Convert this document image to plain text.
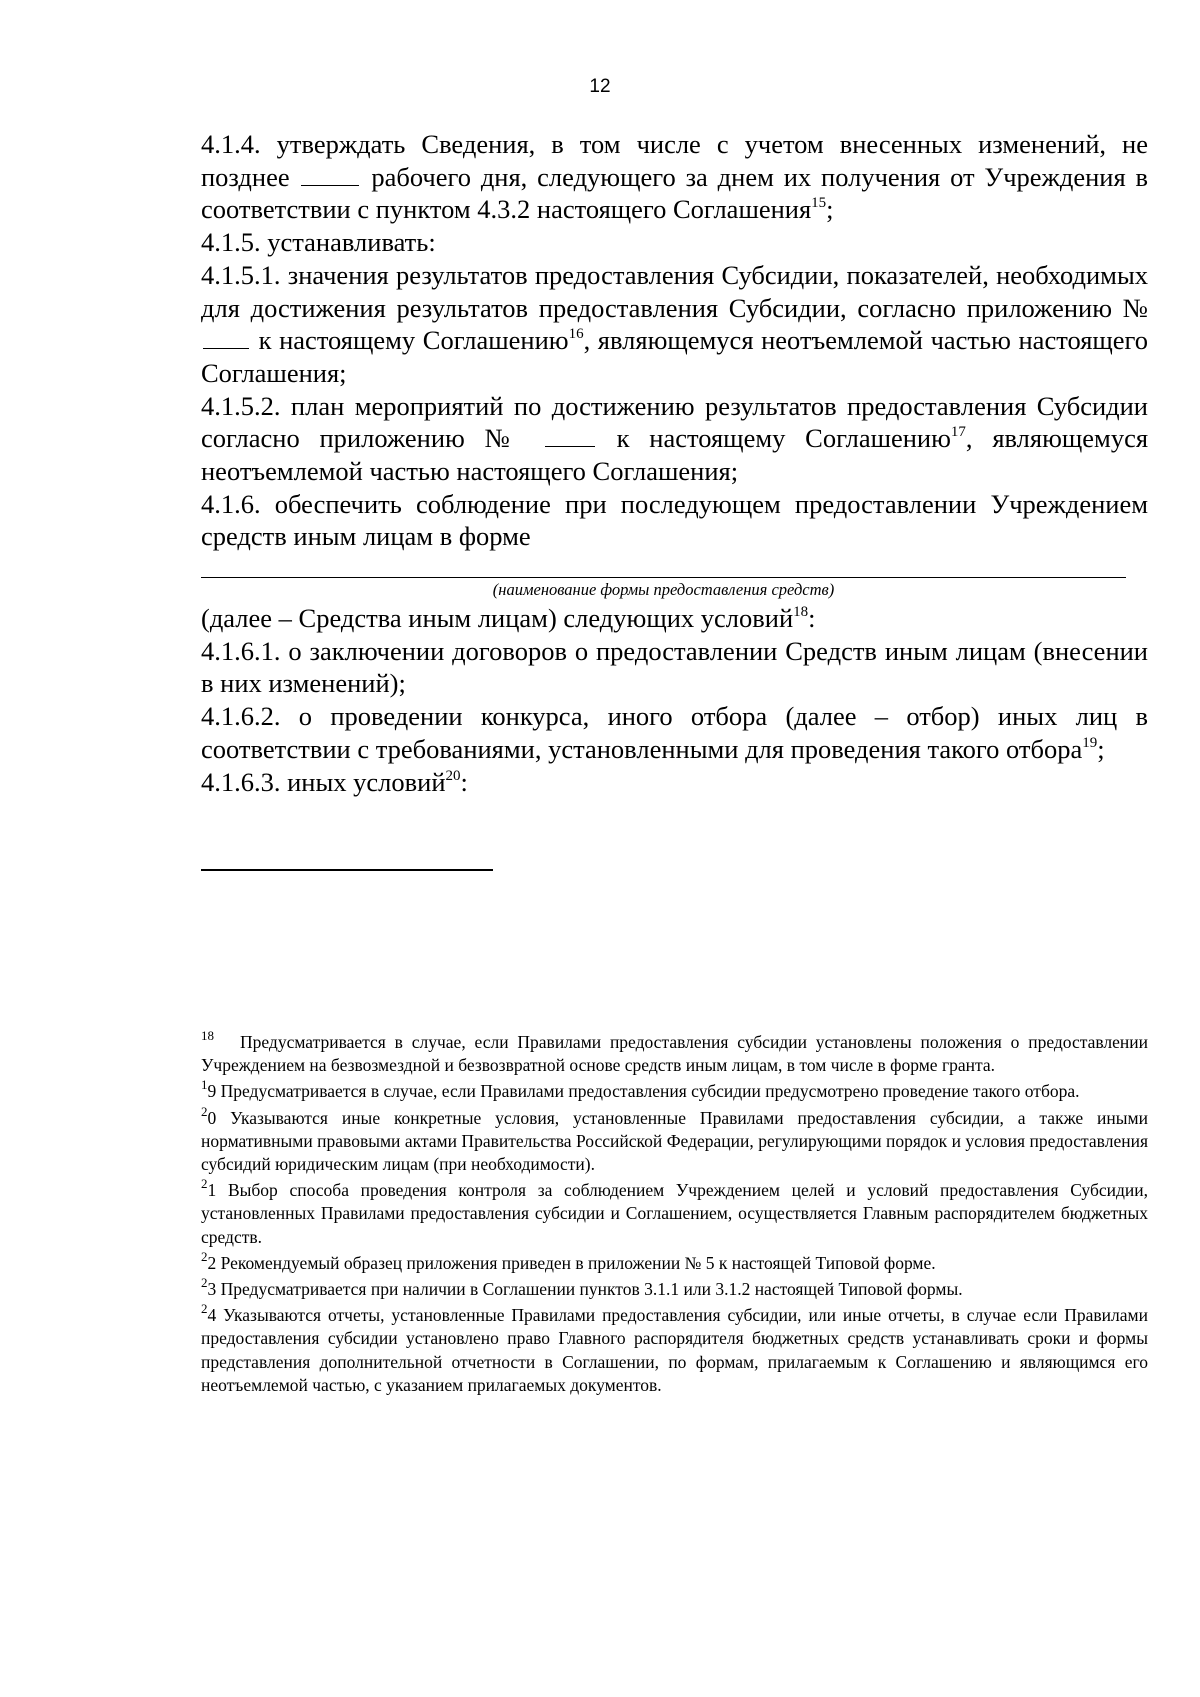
12

4.1.4. утверждать Сведения, в том числе с учетом внесенных изменений, не позднее	рабочего дня, следующего за днем их получения от Учреждения в соответствии с пунктом 4.3.2 настоящего Соглашения$^{15}$;

4.1.5. устанавливать:

4.1.5.1. значения результатов предоставления Субсидии, показателей, необходимых для достижения результатов предоставления Субсидии, согласно приложению №  к настоящему Соглашению$^{16}$, являющемуся неотъемлемой частью настоящего Соглашения;

4.1.5.2. план мероприятий по достижению результатов предоставления Субсидии согласно приложению №	к настоящему Соглашению$^{17}$, являющемуся неотъемлемой частью настоящего Соглашения;

4.1.6. обеспечить соблюдение при последующем предоставлении Учреждением средств иным лицам в форме

(наименование формы предоставления средств)

(далее – Средства иным лицам) следующих условий$^{18}$:

4.1.6.1. о заключении договоров о предоставлении Средств иным лицам (внесении в них изменений);

4.1.6.2. о проведении конкурса, иного отбора (далее – отбор) иных лиц в соответствии с требованиями, установленными для проведения такого отбора$^{19}$;

4.1.6.3. иных условий$^{20}$:

$^{18}$ Предусматривается в случае, если Правилами предоставления субсидии установлены положения о предоставлении Учреждением на безвозмездной и безвозвратной основе средств иным лицам, в том числе в форме гранта.

$^1$9 Предусматривается в случае, если Правилами предоставления субсидии предусмотрено проведение такого отбора.

$^2$0 Указываются иные конкретные условия, установленные Правилами предоставления субсидии, а также иными нормативными правовыми актами Правительства Российской Федерации, регулирующими порядок и условия предоставления субсидий юридическим лицам (при необходимости).

$^2$1 Выбор способа проведения контроля за соблюдением Учреждением целей и условий предоставления Субсидии, установленных Правилами предоставления субсидии и Соглашением, осуществляется Главным распорядителем бюджетных средств.

$^2$2 Рекомендуемый образец приложения приведен в приложении № 5 к настоящей Типовой форме.

$^2$3 Предусматривается при наличии в Соглашении пунктов 3.1.1 или 3.1.2 настоящей Типовой формы.

$^2$4 Указываются отчеты, установленные Правилами предоставления субсидии, или иные отчеты, в случае если Правилами предоставления субсидии установлено право Главного распорядителя бюджетных средств устанавливать сроки и формы представления дополнительной отчетности в Соглашении, по формам, прилагаемым к Соглашению и являющимся его неотъемлемой частью, с указанием прилагаемых документов.
